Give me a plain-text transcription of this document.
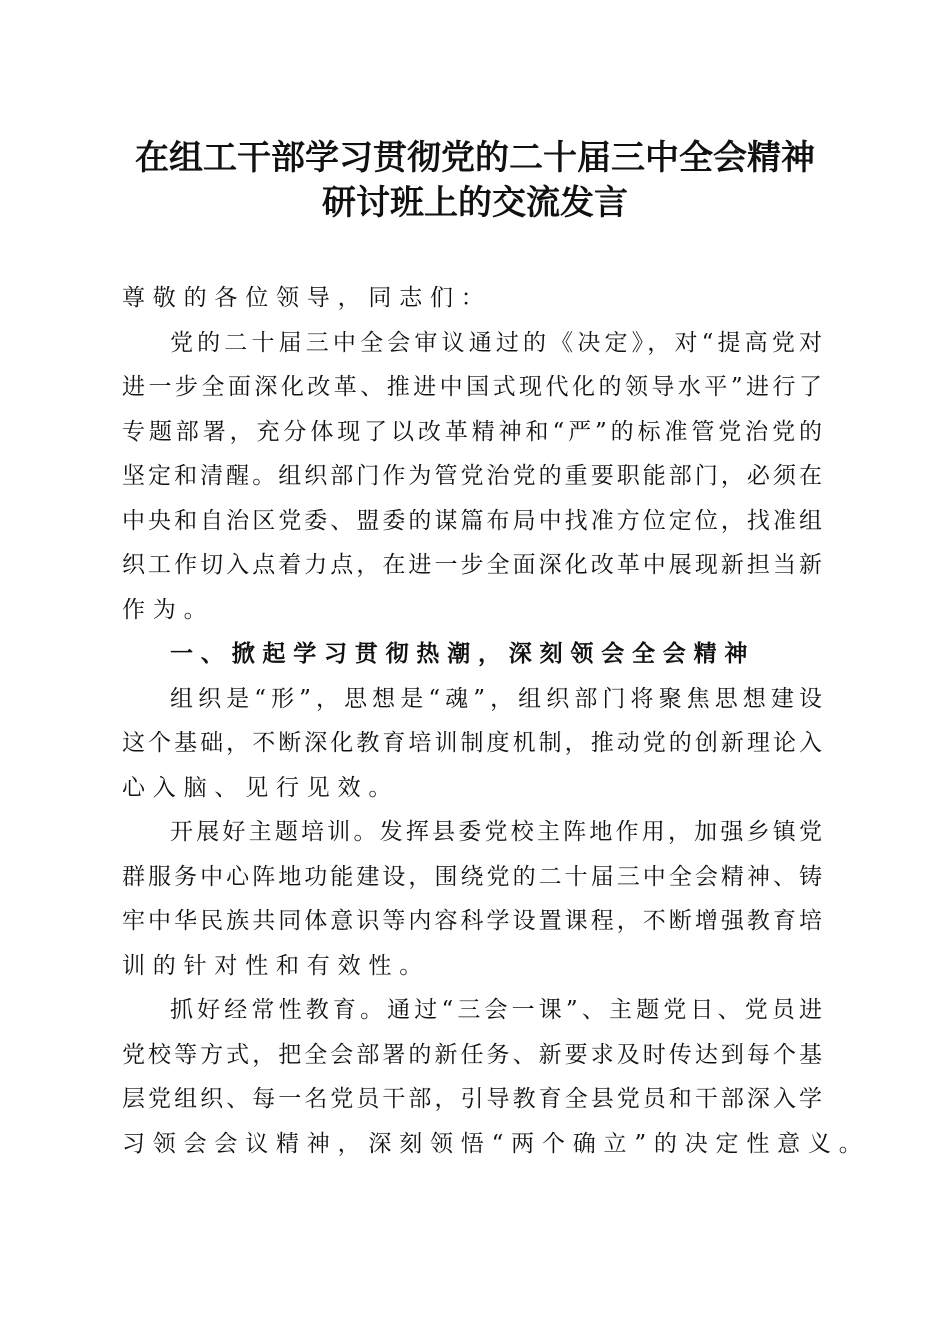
在组工干部学习贯彻党的二十届三中全会精神
研讨班上的交流发言
尊敬的各位领导，同志们：
党的二十届三中全会审议通过的《决定》，对“提高党对
进一步全面深化改革、推进中国式现代化的领导水平”进行了
专题部署，充分体现了以改革精神和“严”的标准管党治党的
坚定和清醒。组织部门作为管党治党的重要职能部门，必须在
中央和自治区党委、盟委的谋篇布局中找准方位定位，找准组
织工作切入点着力点，在进一步全面深化改革中展现新担当新
作为。
一、掀起学习贯彻热潮，深刻领会全会精神
组织是“形”，思想是“魂”，组织部门将聚焦思想建设
这个基础，不断深化教育培训制度机制，推动党的创新理论入
心入脑、见行见效。
开展好主题培训。发挥县委党校主阵地作用，加强乡镇党
群服务中心阵地功能建设，围绕党的二十届三中全会精神、铸
牢中华民族共同体意识等内容科学设置课程，不断增强教育培
训的针对性和有效性。
抓好经常性教育。通过“三会一课”、主题党日、党员进
党校等方式，把全会部署的新任务、新要求及时传达到每个基
层党组织、每一名党员干部，引导教育全县党员和干部深入学
习领会会议精神，深刻领悟“两个确立”的决定性意义。
